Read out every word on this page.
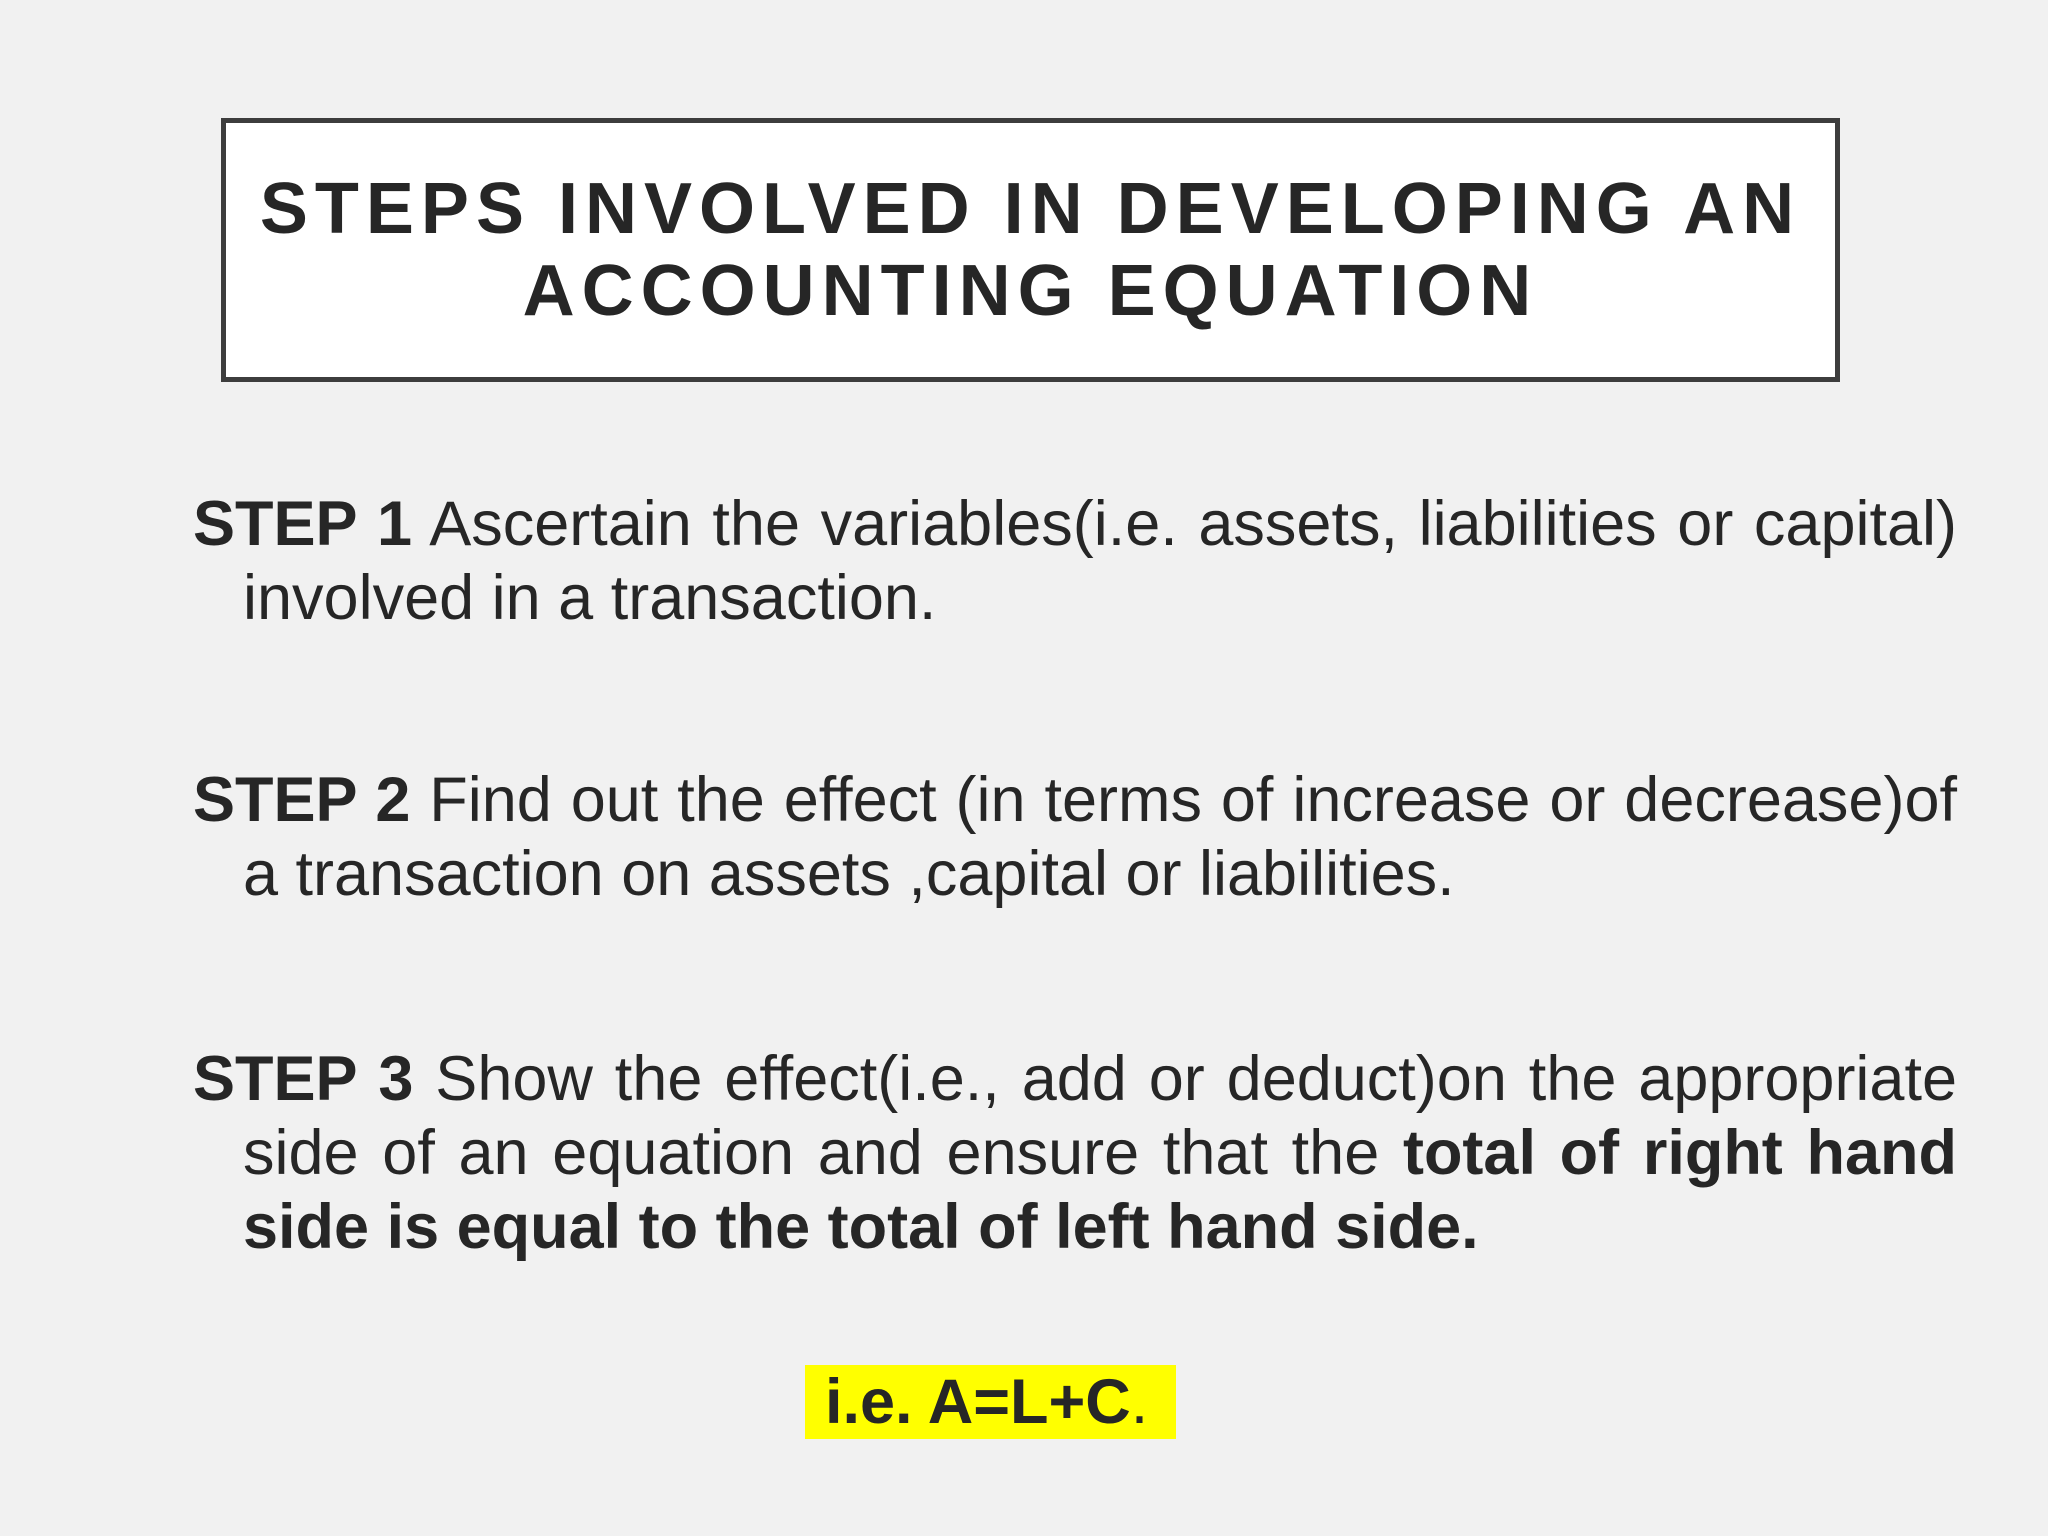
STEPS INVOLVED IN DEVELOPING AN
ACCOUNTING EQUATION

STEP 1 Ascertain the variables(i.e. assets, liabilities or capital) involved in a transaction.

STEP 2 Find out the effect (in terms of increase or decrease)of a transaction on assets ,capital or liabilities.

STEP 3 Show the effect(i.e., add or deduct)on the appropriate side of an equation and ensure that the total of right hand side is equal to the total of left hand side.

i.e. A=L+C.
